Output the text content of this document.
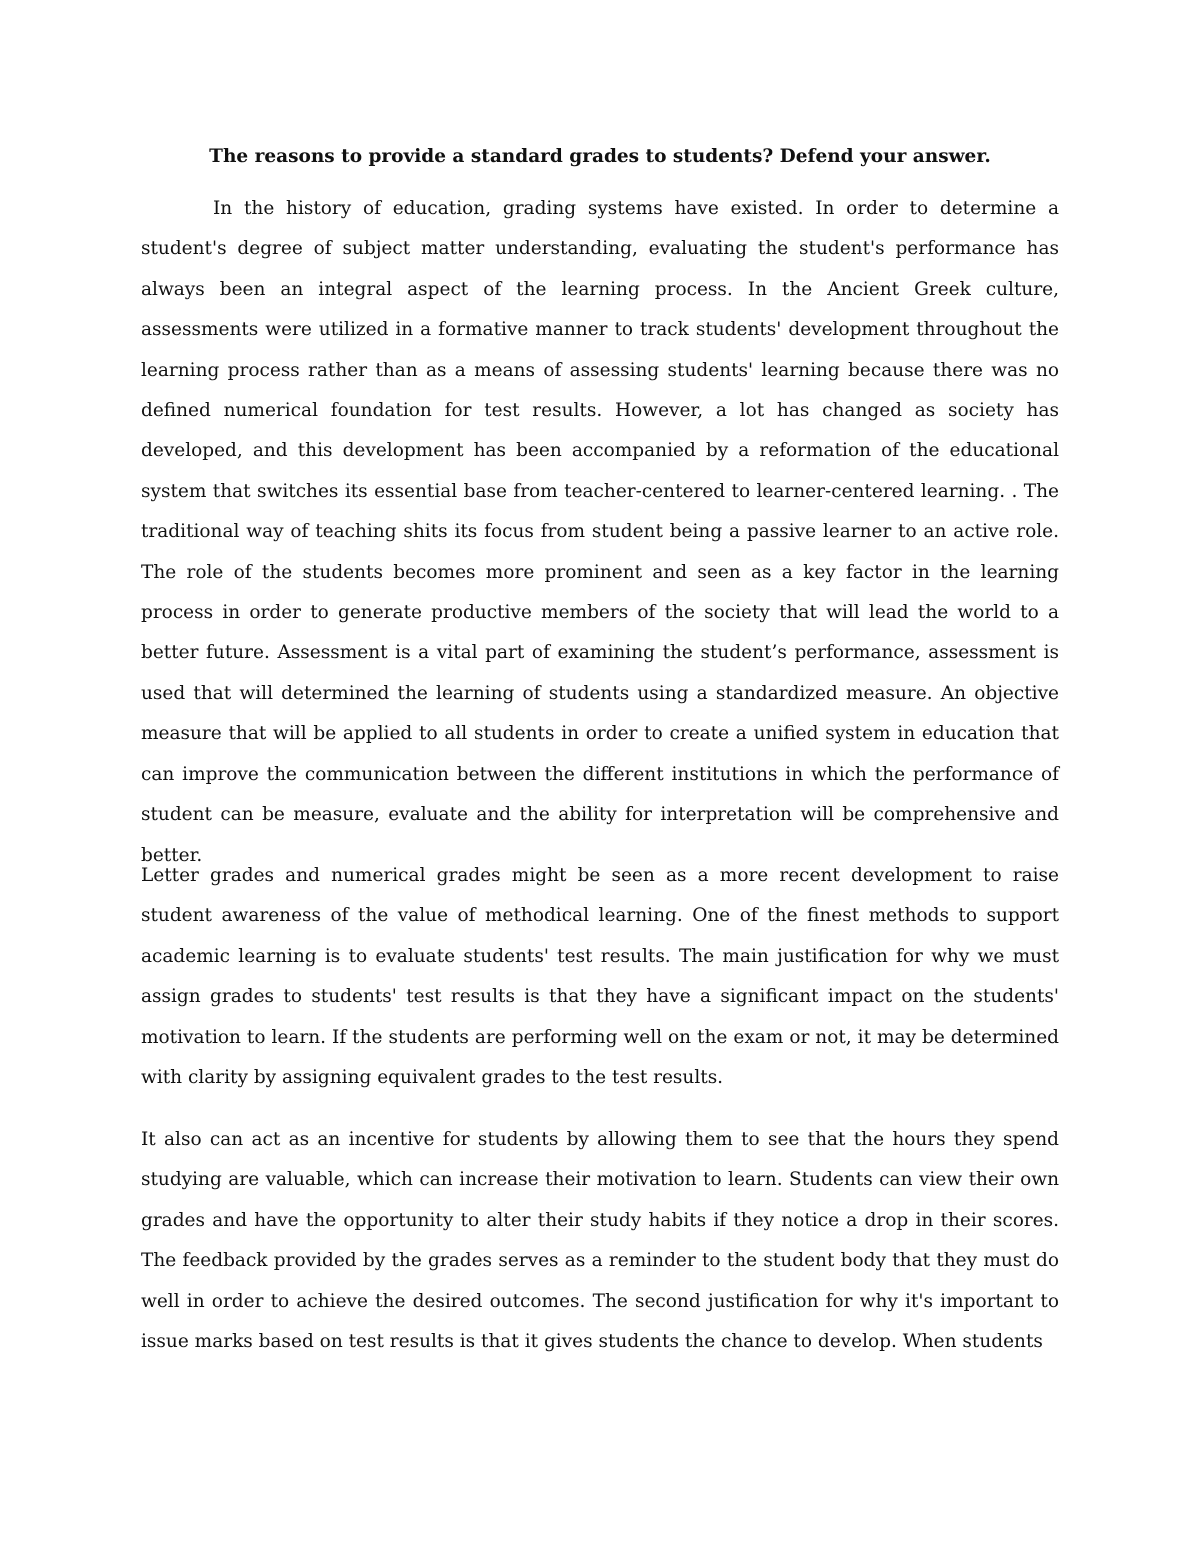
The reasons to provide a standard grades to students? Defend your answer.

In the history of education, grading systems have existed. In order to determine a student's degree of subject matter understanding, evaluating the student's performance has always been an integral aspect of the learning process. In the Ancient Greek culture, assessments were utilized in a formative manner to track students' development throughout the learning process rather than as a means of assessing students' learning because there was no defined numerical foundation for test results. However, a lot has changed as society has developed, and this development has been accompanied by a reformation of the educational system that switches its essential base from teacher-centered to learner-centered learning. . The traditional way of teaching shits its focus from student being a passive learner to an active role. The role of the students becomes more prominent and seen as a key factor in the learning process in order to generate productive members of the society that will lead the world to a better future. Assessment is a vital part of examining the student’s performance, assessment is used that will determined the learning of students using a standardized measure. An objective measure that will be applied to all students in order to create a unified system in education that can improve the communication between the different institutions in which the performance of student can be measure, evaluate and the ability for interpretation will be comprehensive and better.

Letter grades and numerical grades might be seen as a more recent development to raise student awareness of the value of methodical learning. One of the finest methods to support academic learning is to evaluate students' test results. The main justification for why we must assign grades to students' test results is that they have a significant impact on the students' motivation to learn. If the students are performing well on the exam or not, it may be determined with clarity by assigning equivalent grades to the test results.

It also can act as an incentive for students by allowing them to see that the hours they spend studying are valuable, which can increase their motivation to learn. Students can view their own grades and have the opportunity to alter their study habits if they notice a drop in their scores. The feedback provided by the grades serves as a reminder to the student body that they must do well in order to achieve the desired outcomes. The second justification for why it's important to issue marks based on test results is that it gives students the chance to develop. When students
